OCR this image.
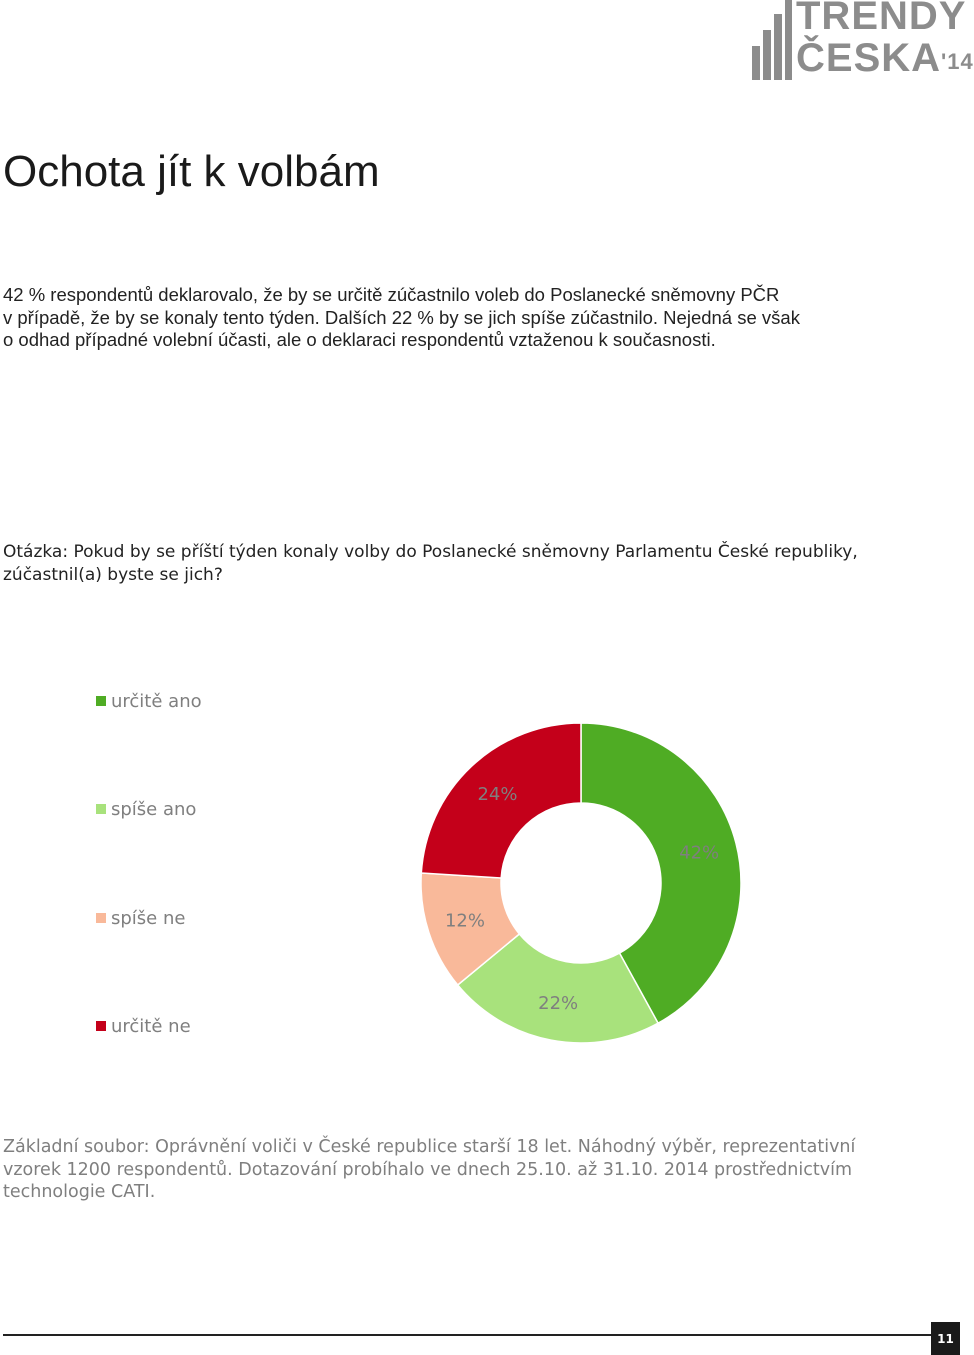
TRENDY
$ČESKA^{'14}$
Ochota jít k volbám

42 % respondentů deklarovalo, že by se určitě zúčastnilo voleb do Poslanecké sněmovny PČR
v případě, že by se konaly tento týden. Dalších 22 % by se jich spíše zúčastnilo. Nejedná se však
o odhad případné volební účasti, ale o deklaraci respondentů vztaženou k současnosti.

Otázka: Pokud by se příští týden konaly volby do Poslanecké sněmovny Parlamentu České republiky,
zúčastnil(a) byste se jich?

určitě ano
spíše ano
spíše ne
určitě ne
42%
22%
12%
24%

Základní soubor: Oprávnění voliči v České republice starší 18 let. Náhodný výběr, reprezentativní
vzorek 1200 respondentů. Dotazování probíhalo ve dnech 25.10. až 31.10. 2014 prostřednictvím
technologie CATI.

11
